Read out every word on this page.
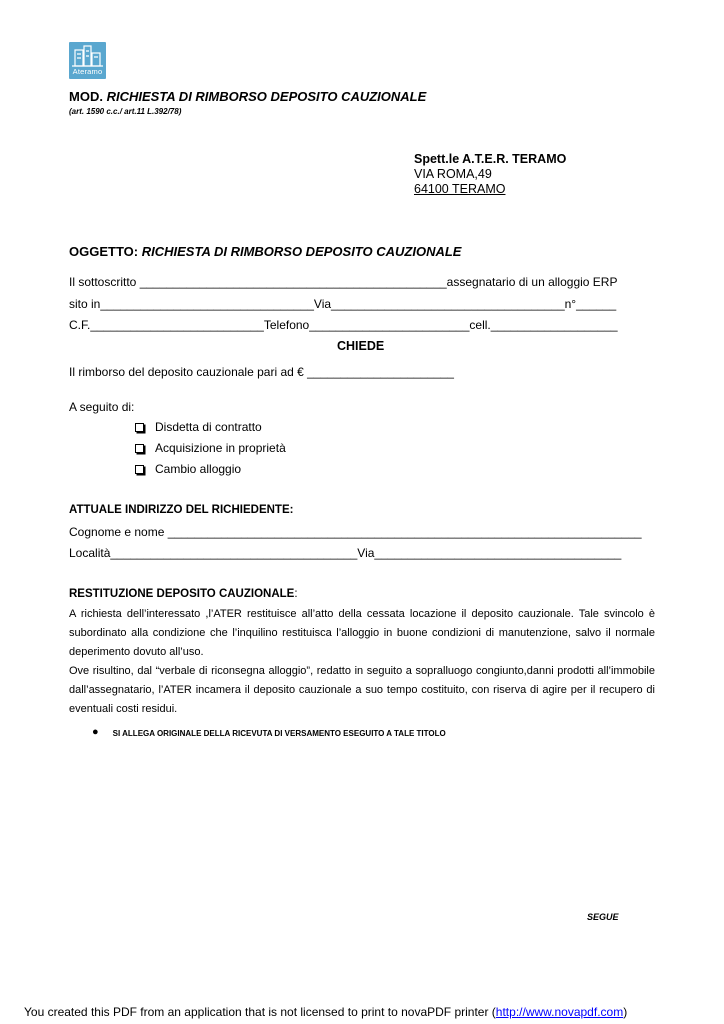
Ateramo
MOD. RICHIESTA DI RIMBORSO DEPOSITO CAUZIONALE
(art. 1590 c.c./ art.11 L.392/78)
Spett.le A.T.E.R. TERAMO
VIA ROMA,49
64100 TERAMO
OGGETTO: RICHIESTA DI RIMBORSO DEPOSITO CAUZIONALE
Il sottoscritto ______________________________________________assegnatario di un alloggio ERP
sito in________________________________Via___________________________________n°______
C.F.__________________________Telefono________________________cell.___________________
CHIEDE
Il rimborso del deposito cauzionale pari ad € ______________________
A seguito di:
Disdetta di contratto
Acquisizione in proprietà
Cambio alloggio
ATTUALE INDIRIZZO DEL RICHIEDENTE:
Cognome e nome _______________________________________________________________________
Località_____________________________________Via_____________________________________
RESTITUZIONE DEPOSITO CAUZIONALE:
A richiesta dell’interessato ,l’ATER restituisce all’atto della cessata locazione il deposito cauzionale. Tale svincolo è
subordinato alla condizione che l’inquilino restituisca l’alloggio in buone condizioni di manutenzione, salvo il normale
deperimento dovuto all’uso.
Ove risultino, dal “verbale di riconsegna alloggio”, redatto in seguito a sopralluogo congiunto,danni prodotti all’immobile
dall’assegnatario, l’ATER incamera il deposito cauzionale a suo tempo costituito, con riserva di agire per il recupero di
eventuali costi residui.
● SI ALLEGA ORIGINALE DELLA RICEVUTA DI VERSAMENTO ESEGUITO A TALE TITOLO
SEGUE
You created this PDF from an application that is not licensed to print to novaPDF printer (http://www.novapdf.com)
